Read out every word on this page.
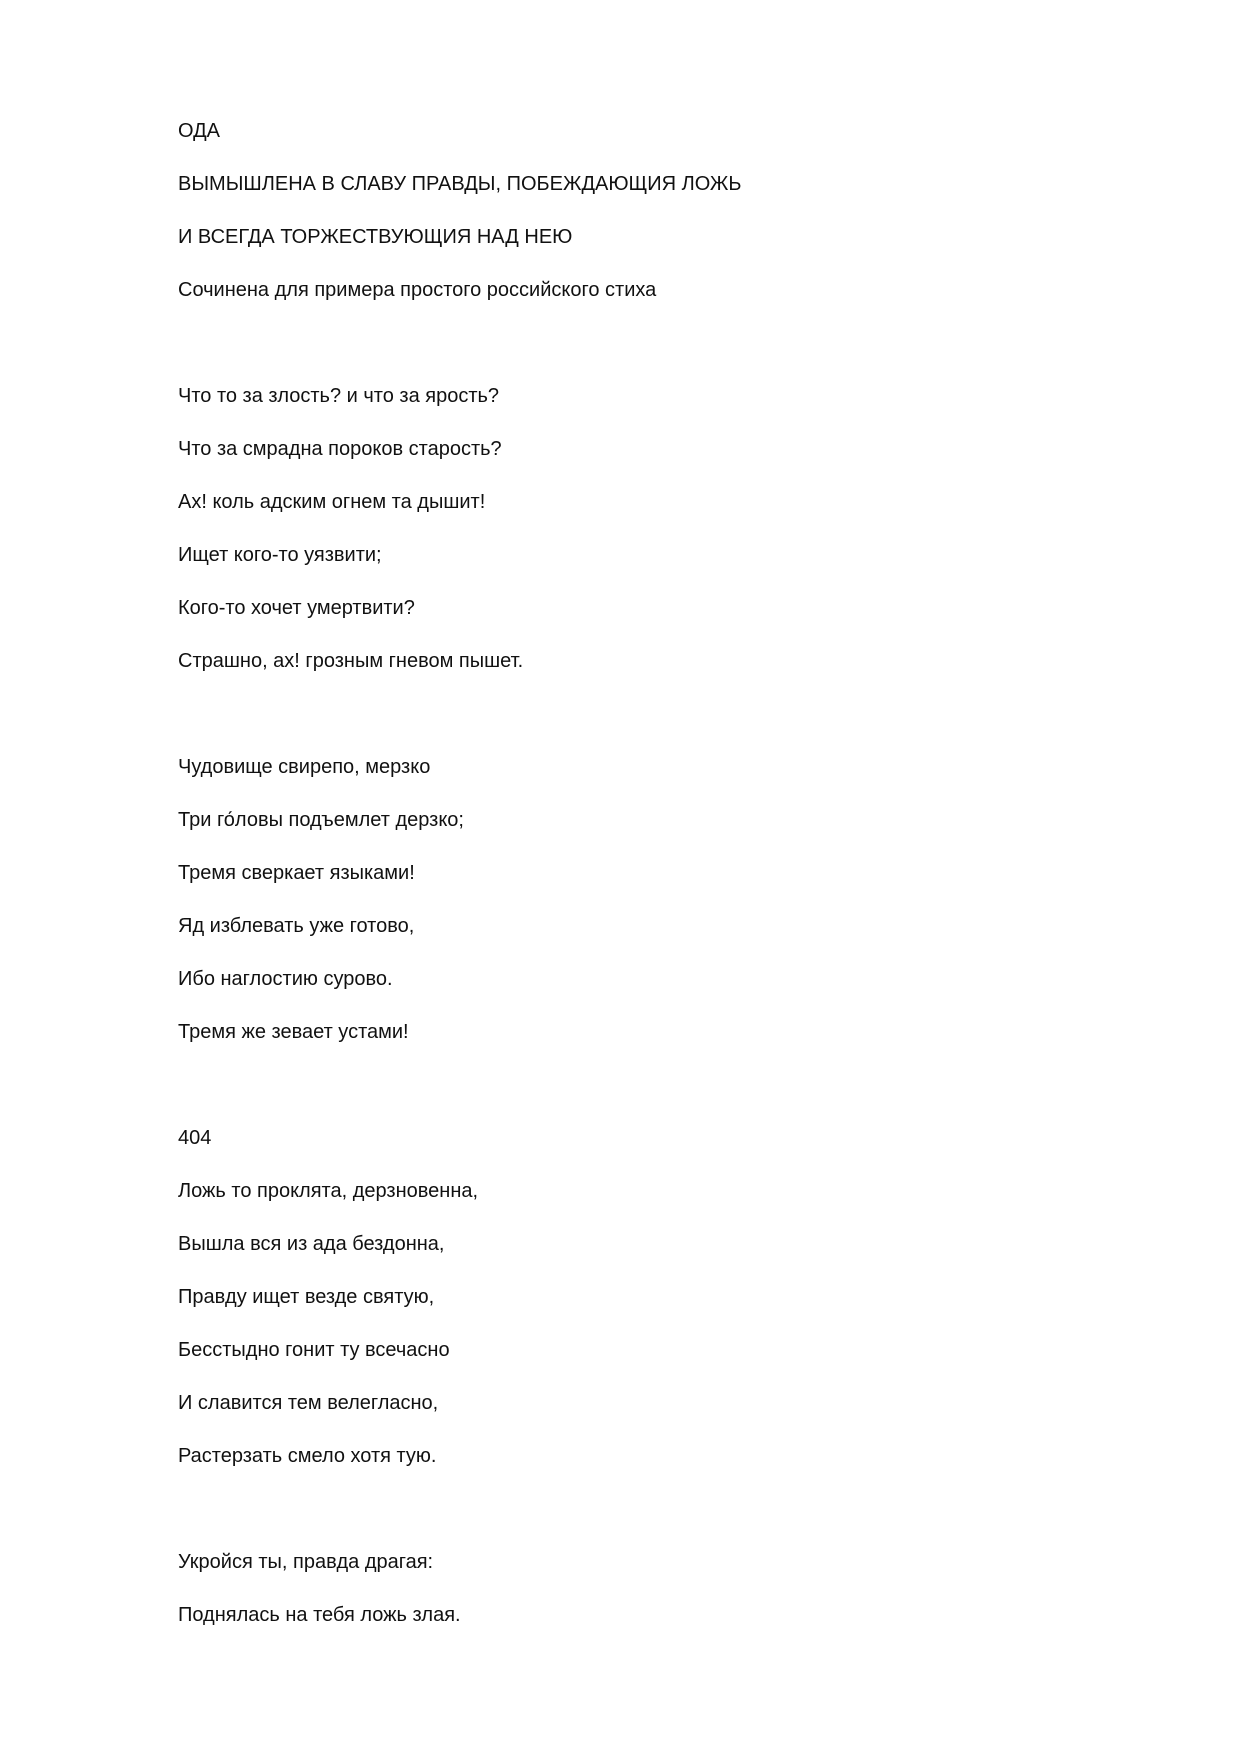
ОДА

ВЫМЫШЛЕНА В СЛАВУ ПРАВДЫ, ПОБЕЖДАЮЩИЯ ЛОЖЬ

И ВСЕГДА ТОРЖЕСТВУЮЩИЯ НАД НЕЮ

Сочинена для примера простого российского стиха

Что то за злость? и что за ярость?

Что за смрадна пороков старость?

Ах! коль адским огнем та дышит!

Ищет кого-то уязвити;

Кого-то хочет умертвити?

Страшно, ах! грозным гневом пышет.

Чудовище свирепо, мерзко

Три го́ловы подъемлет дерзко;

Тремя сверкает языками!

Яд изблевать уже готово,

Ибо наглостию сурово.

Тремя же зевает устами!

404

Ложь то проклята, дерзновенна,

Вышла вся из ада бездонна,

Правду ищет везде святую,

Бесстыдно гонит ту всечасно

И славится тем велегласно,

Растерзать смело хотя тую.

Укройся ты, правда драгая:

Поднялась на тебя ложь злая.
